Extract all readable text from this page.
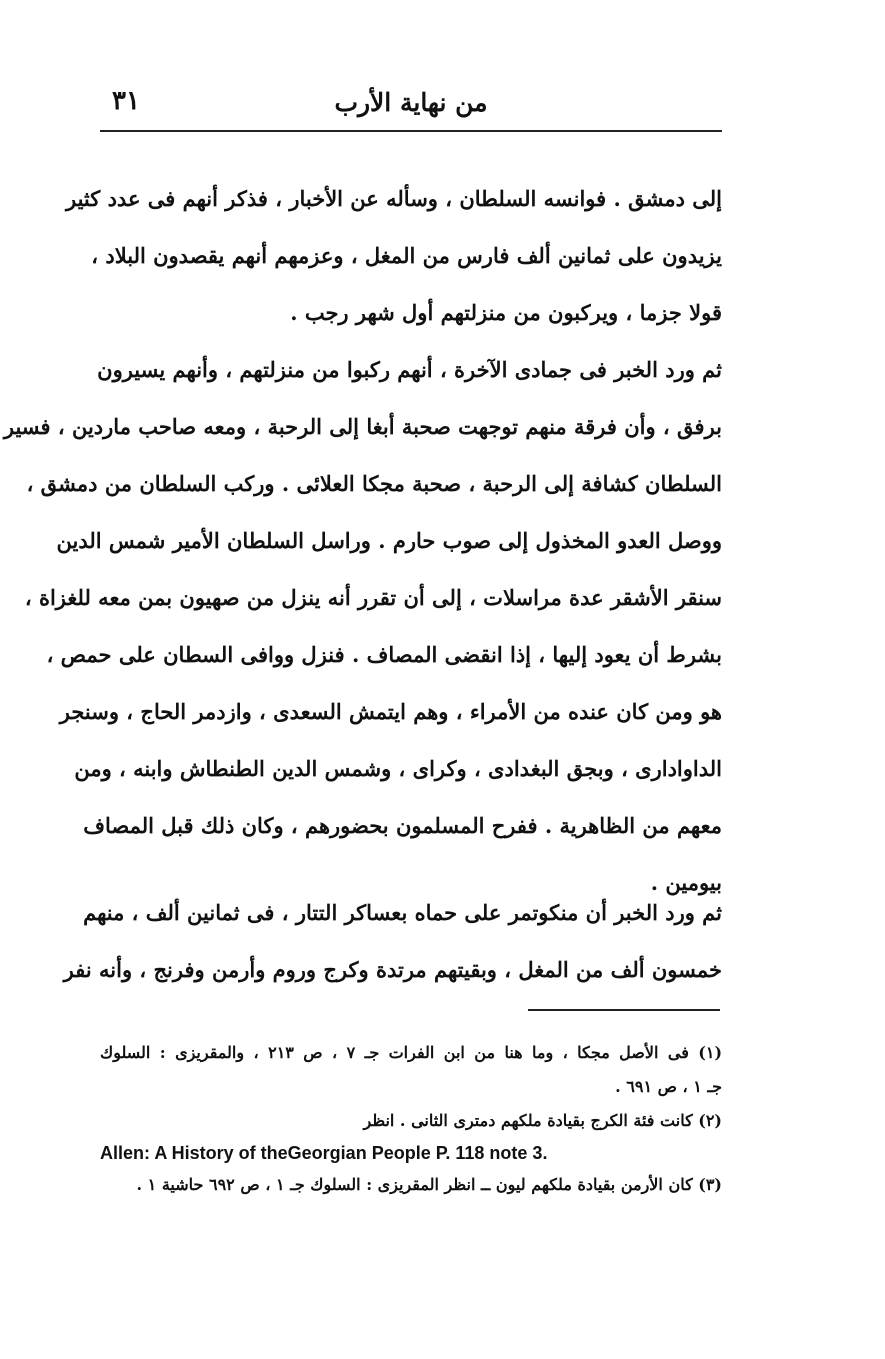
٣١	من نهاية الأرب
إلى دمشق . فوانسه السلطان ، وسأله عن الأخبار ، فذكر أنهم فى عدد كثير
يزيدون على ثمانين ألف فارس من المغل ، وعزمهم أنهم يقصدون البلاد ،
قولا جزما ، ويركبون من منزلتهم أول شهر رجب .
ثم ورد الخبر فى جمادى الآخرة ، أنهم ركبوا من منزلتهم ، وأنهم يسيرون
برفق ، وأن فرقة منهم توجهت صحبة أبغا إلى الرحبة ، ومعه صاحب ماردين ، فسير
السلطان كشافة إلى الرحبة ، صحبة مجكا العلائى . وركب السلطان من دمشق ،
ووصل العدو المخذول إلى صوب حارم . وراسل السلطان الأمير شمس الدين
سنقر الأشقر عدة مراسلات ، إلى أن تقرر أنه ينزل من صهيون بمن معه للغزاة ،
بشرط أن يعود إليها ، إذا انقضى المصاف . فنزل ووافى السطان على حمص ،
هو ومن كان عنده من الأمراء ، وهم ايتمش السعدى ، وازدمر الحاج ، وسنجر
الداوادارى ، وبجق البغدادى ، وكراى ، وشمس الدين الطنطاش وابنه ، ومن
معهم من الظاهرية . ففرح المسلمون بحضورهم ، وكان ذلك قبل المصاف
بيومين .
ثم ورد الخبر أن منكوتمر على حماه بعساكر التتار ، فى ثمانين ألف ، منهم
خمسون ألف من المغل ، وبقيتهم مرتدة وكرج وروم وأرمن وفرنج ، وأنه نفر
(١) فى الأصل مجكا ، وما هنا من ابن الفرات جـ ٧ ، ص ٢١٣ ، والمقريزى : السلوك
جـ ١ ، ص ٦٩١ .
(٢) كانت فئة الكرج بقيادة ملكهم دمترى الثانى . انظر
Allen: A History of theGeorgian People P. 118 note 3.
(٣) كان الأرمن بقيادة ملكهم ليون ــ انظر المقريزى : السلوك جـ ١ ، ص ٦٩٢ حاشية ١ .
